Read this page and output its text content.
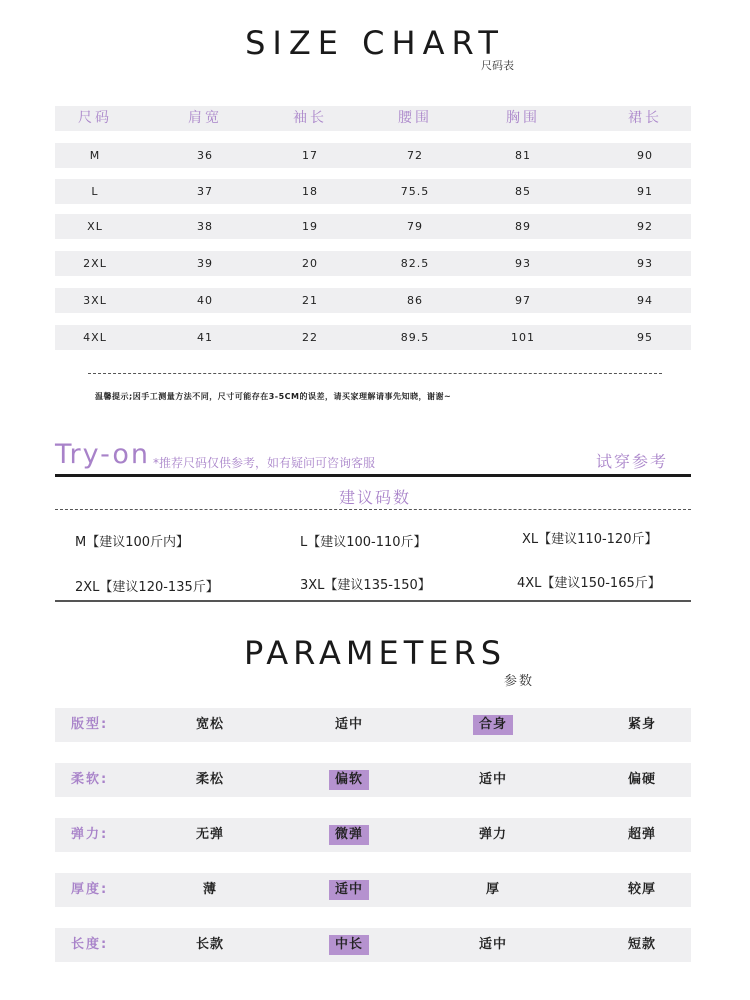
SIZE CHART
尺码表
尺码	肩宽	袖长	腰围	胸围	裙长
M	36	17	72	81	90
L	37	18	75.5	85	91
XL	38	19	79	89	92
2XL	39	20	82.5	93	93
3XL	40	21	86	97	94
4XL	41	22	89.5	101	95
温馨提示;因手工测量方法不同，尺寸可能存在3-5CM的误差，请买家理解请事先知晓，谢谢~
Try-on *推荐尺码仅供参考，如有疑问可咨询客服	试穿参考
建议码数
M【建议100斤内】	L【建议100-110斤】	XL【建议110-120斤】
2XL【建议120-135斤】	3XL【建议135-150】	4XL【建议150-165斤】
PARAMETERS
参数
版型:	宽松	适中	合身	紧身
柔软:	柔松	偏软	适中	偏硬
弹力:	无弹	微弹	弹力	超弹
厚度:	薄	适中	厚	较厚
长度:	长款	中长	适中	短款
